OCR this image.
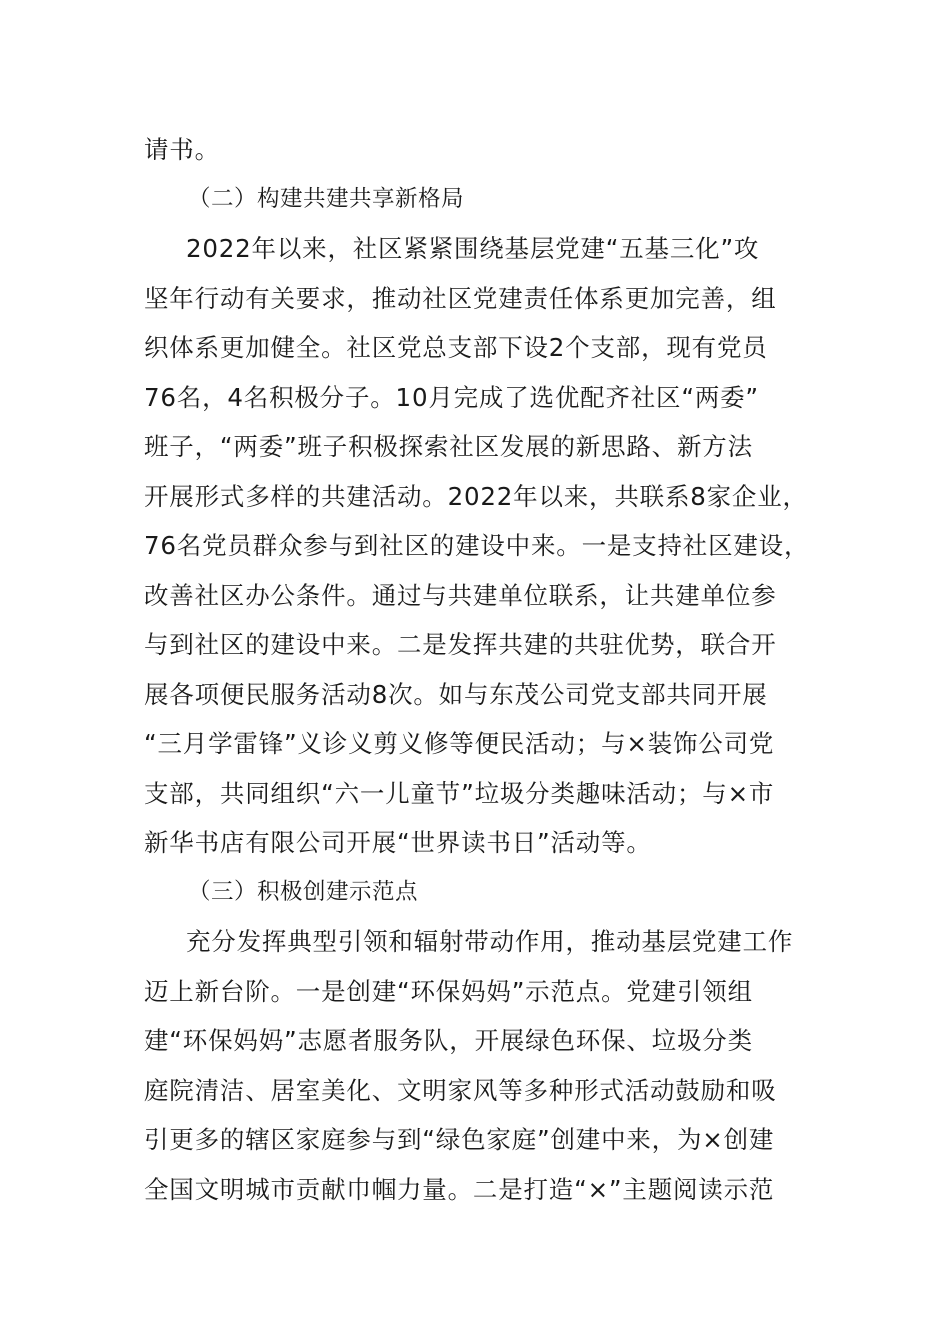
请书。
（二）构建共建共享新格局
2022年以来，社区紧紧围绕基层党建“五基三化”攻
坚年行动有关要求，推动社区党建责任体系更加完善，组
织体系更加健全。社区党总支部下设2个支部，现有党员
76名，4名积极分子。10月完成了选优配齐社区“两委”
班子，“两委”班子积极探索社区发展的新思路、新方法
开展形式多样的共建活动。2022年以来，共联系8家企业，
76名党员群众参与到社区的建设中来。一是支持社区建设，
改善社区办公条件。通过与共建单位联系，让共建单位参
与到社区的建设中来。二是发挥共建的共驻优势，联合开
展各项便民服务活动8次。如与东茂公司党支部共同开展
“三月学雷锋”义诊义剪义修等便民活动；与×装饰公司党
支部，共同组织“六一儿童节”垃圾分类趣味活动；与×市
新华书店有限公司开展“世界读书日”活动等。
（三）积极创建示范点
充分发挥典型引领和辐射带动作用，推动基层党建工作
迈上新台阶。一是创建“环保妈妈”示范点。党建引领组
建“环保妈妈”志愿者服务队，开展绿色环保、垃圾分类
庭院清洁、居室美化、文明家风等多种形式活动鼓励和吸
引更多的辖区家庭参与到“绿色家庭”创建中来，为×创建
全国文明城市贡献巾帼力量。二是打造“×”主题阅读示范
